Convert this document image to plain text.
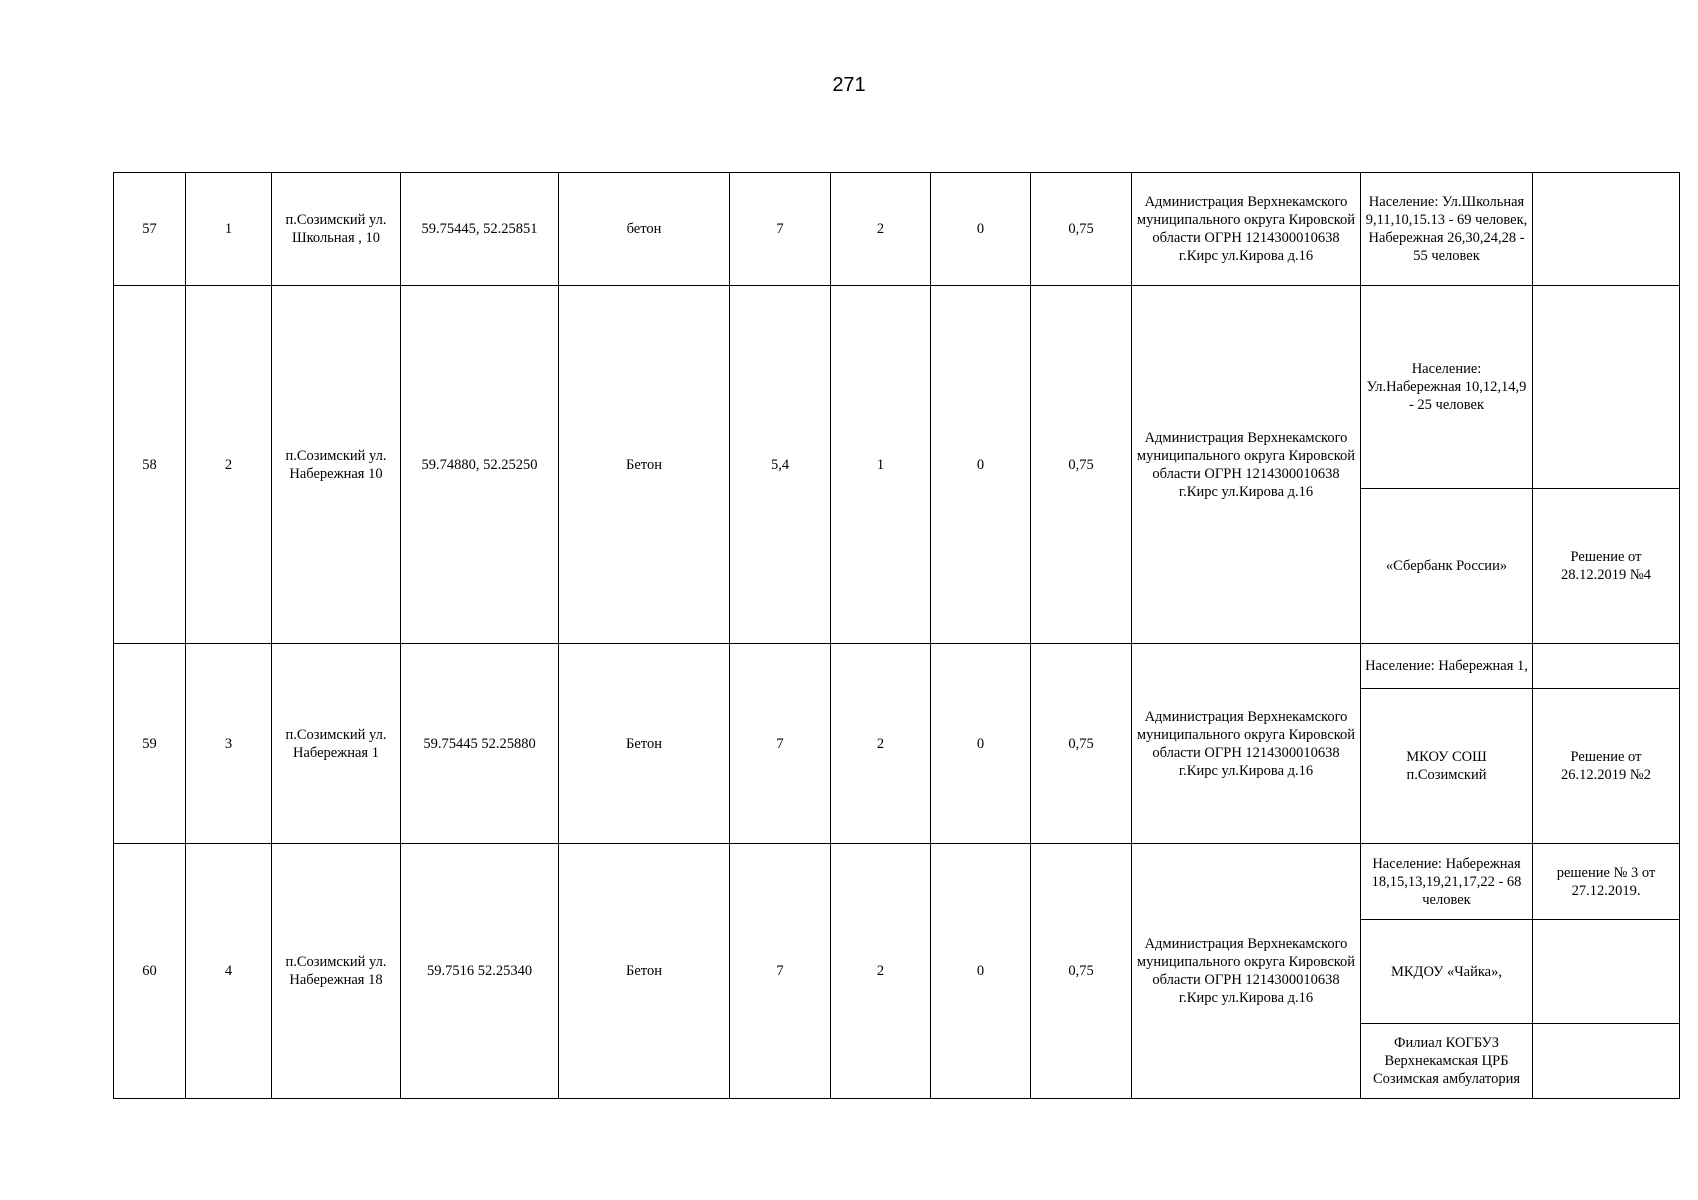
271
57	1	п.Созимский ул. Школьная , 10	59.75445, 52.25851	бетон	7	2	0	0,75	Администрация Верхнекамского муниципального округа Кировской области ОГРН 1214300010638 г.Кирс ул.Кирова д.16	Население: Ул.Школьная 9,11,10,15.13 - 69 человек, Набережная 26,30,24,28 - 55 человек	
58	2	п.Созимский ул. Набережная 10	59.74880, 52.25250	Бетон	5,4	1	0	0,75	Администрация Верхнекамского муниципального округа Кировской области ОГРН 1214300010638 г.Кирс ул.Кирова д.16	Население: Ул.Набережная 10,12,14,9 - 25 человек	
										«Сбербанк России»	Решение от 28.12.2019 №4
59	3	п.Созимский ул. Набережная 1	59.75445 52.25880	Бетон	7	2	0	0,75	Администрация Верхнекамского муниципального округа Кировской области ОГРН 1214300010638 г.Кирс ул.Кирова д.16	Население: Набережная 1,	
										МКОУ СОШ п.Созимский	Решение от 26.12.2019 №2
60	4	п.Созимский ул. Набережная 18	59.7516 52.25340	Бетон	7	2	0	0,75	Администрация Верхнекамского муниципального округа Кировской области ОГРН 1214300010638 г.Кирс ул.Кирова д.16	Население: Набережная 18,15,13,19,21,17,22 - 68 человек	решение № 3 от 27.12.2019.
										МКДОУ «Чайка»,	
										Филиал КОГБУЗ Верхнекамская ЦРБ Созимская амбулатория	
